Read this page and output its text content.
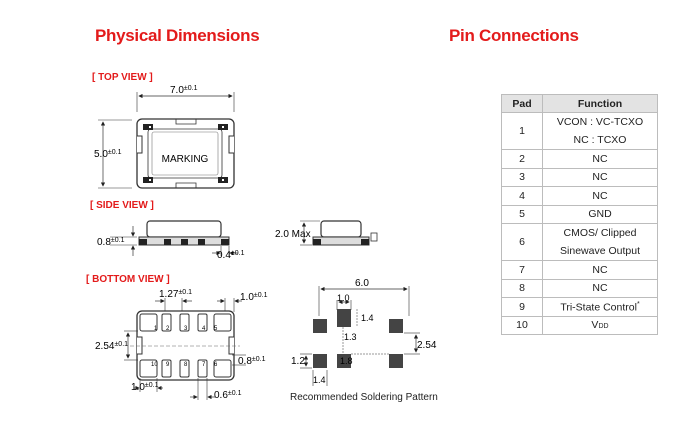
Physical Dimensions	Pin Connections
[ TOP VIEW ]
[ SIDE VIEW ]
[ BOTTOM VIEW ]
$7.0^{\pm 0.1}$
$5.0^{\pm 0.1}$
MARKING
$0.8^{\pm 0.1}$
$0.4^{\pm 0.1}$
2.0 Max
$1.27^{\pm 0.1}$	$1.0^{\pm 0.1}$
$2.54^{\pm 0.1}$
$0.8^{\pm 0.1}$
$1.0^{\pm 0.1}$
$0.6^{\pm 0.1}$
1 2 3 4 5
6
7
8
9
10
6.0
1.0
1.4
1.3
2.54
1.2	1.8
1.4
Recommended Soldering Pattern
Pad	Function
1	VCON : VC-TCXO
NC : TCXO
2	NC
3	NC
4	NC
5	GND
6	CMOS/ Clipped
Sinewave Output
7	NC
8	NC
9	Tri-State Control*
10	VDD
